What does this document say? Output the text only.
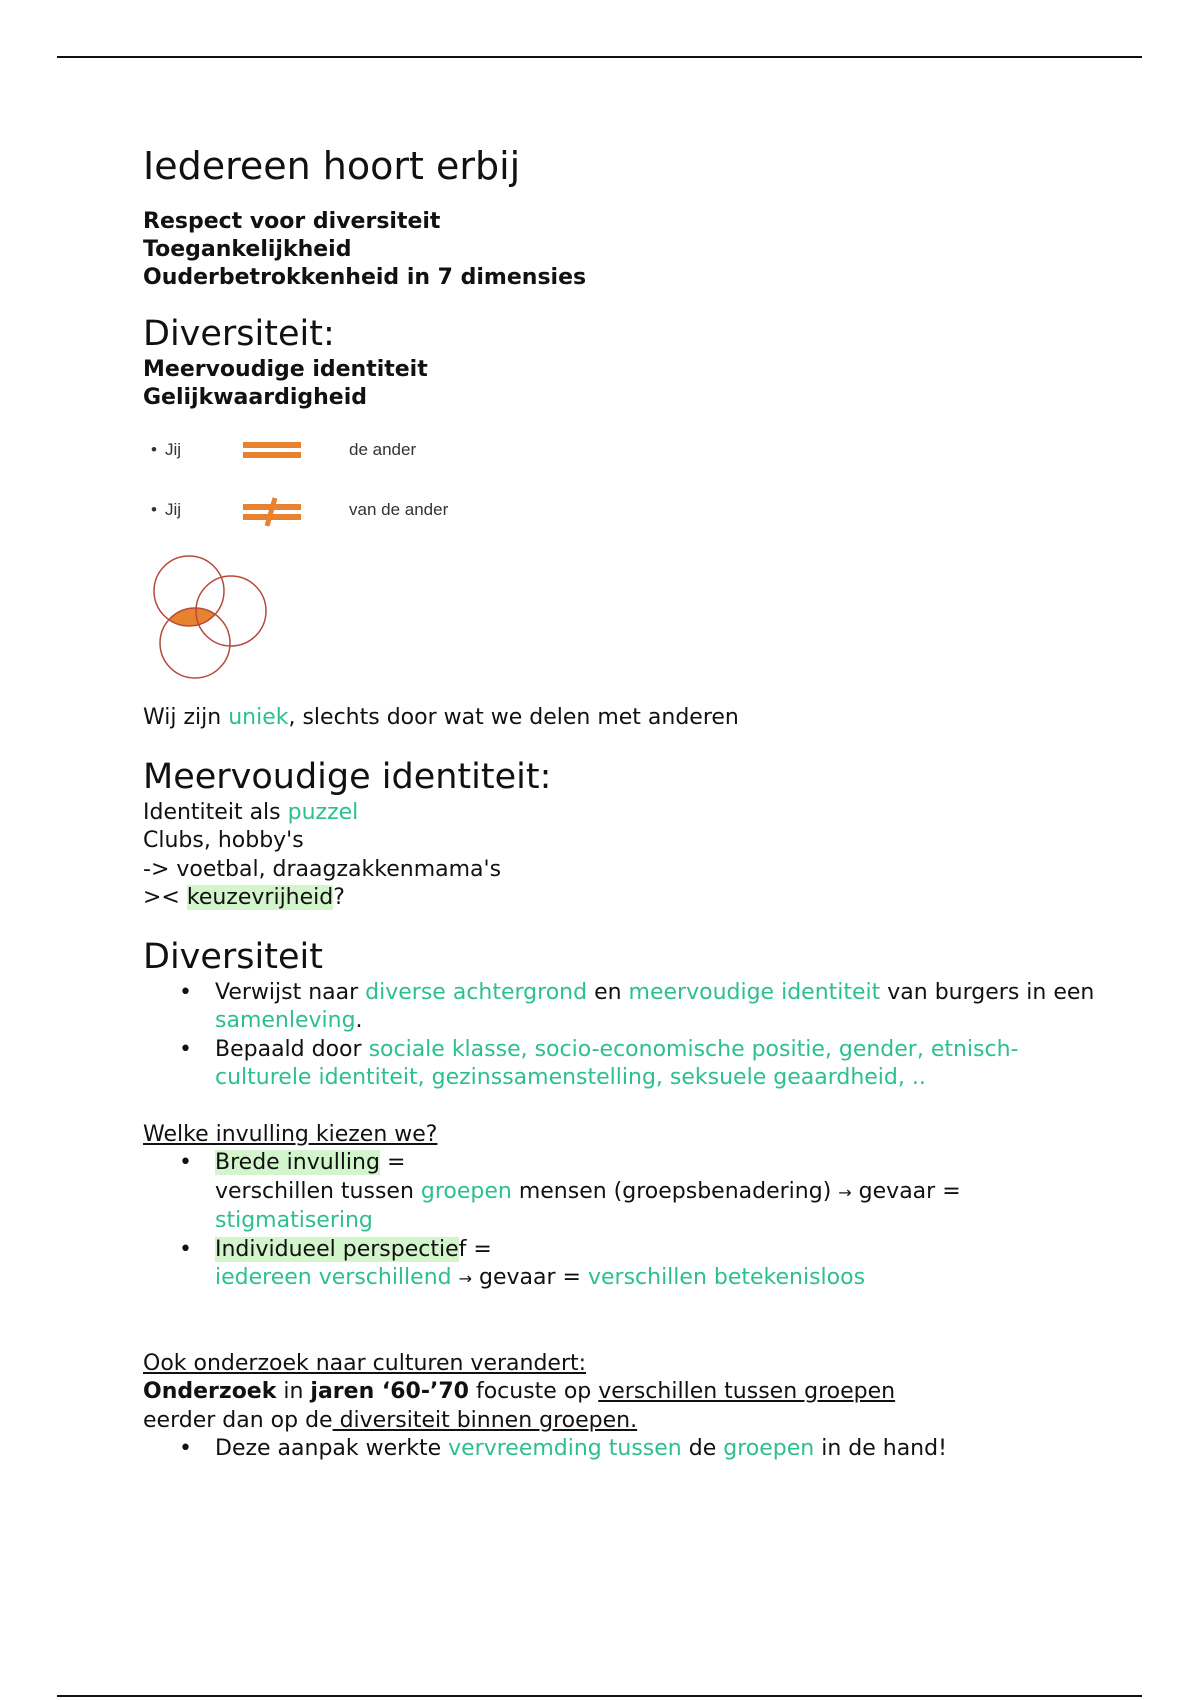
Iedereen hoort erbij
Respect voor diversiteit
Toegankelijkheid
Ouderbetrokkenheid in 7 dimensies
Diversiteit:
Meervoudige identiteit
Gelijkwaardigheid
• Jij	de ander
• Jij	van de ander
Wij zijn uniek, slechts door wat we delen met anderen
Meervoudige identiteit:
Identiteit als puzzel
Clubs, hobby's
-> voetbal, draagzakkenmama's
>< keuzevrijheid?
Diversiteit
• Verwijst naar diverse achtergrond en meervoudige identiteit van burgers in een samenleving.
• Bepaald door sociale klasse, socio-economische positie, gender, etnisch-culturele identiteit, gezinssamenstelling, seksuele geaardheid, ..
Welke invulling kiezen we?
• Brede invulling =
verschillen tussen groepen mensen (groepsbenadering) → gevaar =
stigmatisering
• Individueel perspectief =
iedereen verschillend → gevaar = verschillen betekenisloos
Ook onderzoek naar culturen verandert:
Onderzoek in jaren ‘60-’70 focuste op verschillen tussen groepen
eerder dan op de diversiteit binnen groepen.
• Deze aanpak werkte vervreemding tussen de groepen in de hand!
